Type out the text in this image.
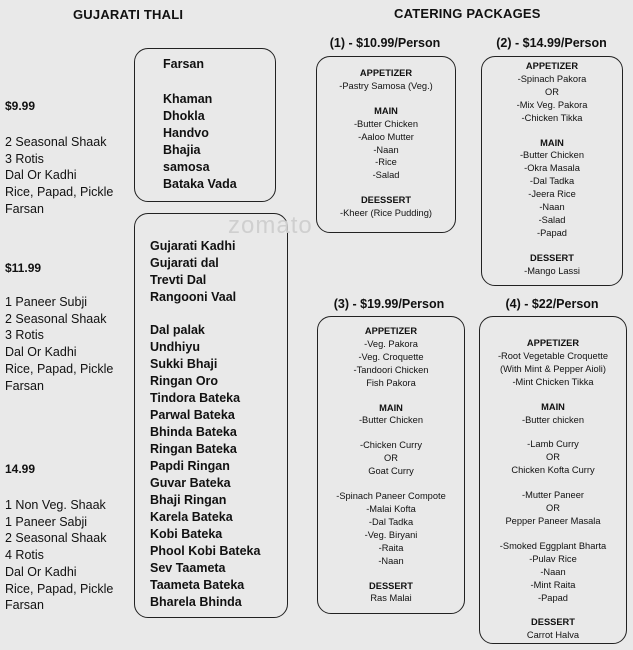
GUJARATI THALI
$9.99
2 Seasonal Shaak
3 Rotis
Dal Or Kadhi
Rice, Papad, Pickle
Farsan
$11.99
1 Paneer Subji
2 Seasonal Shaak
3 Rotis
Dal Or Kadhi
Rice, Papad, Pickle
Farsan
14.99
1 Non Veg. Shaak
1 Paneer Sabji
2 Seasonal Shaak
4 Rotis
Dal Or Kadhi
Rice, Papad, Pickle
Farsan
Farsan
Khaman
Dhokla
Handvo
Bhajia
samosa
Bataka Vada
Gujarati Kadhi
Gujarati dal
Trevti Dal
Rangooni Vaal
Dal palak
Undhiyu
Sukki Bhaji
Ringan Oro
Tindora Bateka
Parwal Bateka
Bhinda Bateka
Ringan Bateka
Papdi Ringan
Guvar Bateka
Bhaji Ringan
Karela Bateka
Kobi Bateka
Phool Kobi Bateka
Sev Taameta
Taameta Bateka
Bharela Bhinda
zomato
CATERING PACKAGES
(1) - $10.99/Person
APPETIZER
-Pastry Samosa (Veg.)
MAIN
-Butter Chicken
-Aaloo Mutter
-Naan
-Rice
-Salad
DEESSERT
-Kheer (Rice Pudding)
(2) - $14.99/Person
APPETIZER
-Spinach Pakora
OR
-Mix Veg. Pakora
-Chicken Tikka
MAIN
-Butter Chicken
-Okra Masala
-Dal Tadka
-Jeera Rice
-Naan
-Salad
-Papad
DESSERT
-Mango Lassi
(3) - $19.99/Person
APPETIZER
-Veg. Pakora
-Veg. Croquette
-Tandoori Chicken
Fish Pakora
MAIN
-Butter Chicken
-Chicken Curry
OR
Goat Curry
-Spinach Paneer Compote
-Malai Kofta
-Dal Tadka
-Veg. Biryani
-Raita
-Naan
DESSERT
Ras Malai
(4) - $22/Person
APPETIZER
-Root Vegetable Croquette
(With Mint & Pepper Aioli)
-Mint Chicken Tikka
MAIN
-Butter chicken
-Lamb Curry
OR
Chicken Kofta Curry
-Mutter Paneer
OR
Pepper Paneer Masala
-Smoked Eggplant Bharta
-Pulav Rice
-Naan
-Mint Raita
-Papad
DESSERT
Carrot Halva
